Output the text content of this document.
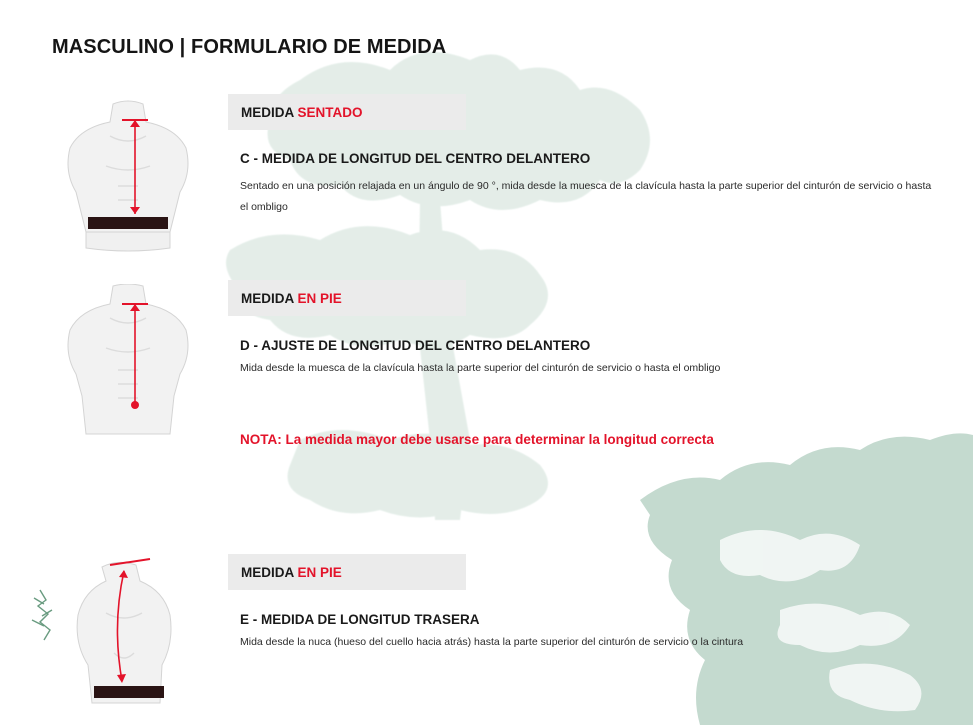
MASCULINO | FORMULARIO DE MEDIDA
MEDIDA SENTADO
C - MEDIDA DE LONGITUD DEL CENTRO DELANTERO

Sentado en una posición relajada en un ángulo de 90 °, mida desde la muesca de la clavícula hasta la parte superior del cinturón de servicio o hasta el ombligo

MEDIDA EN PIE
D - AJUSTE DE LONGITUD DEL CENTRO DELANTERO

Mida desde la muesca de la clavícula hasta la parte superior del cinturón de servicio o hasta el ombligo

NOTA: La medida mayor debe usarse para determinar la longitud correcta

MEDIDA EN PIE
E - MEDIDA DE LONGITUD TRASERA

Mida desde la nuca (hueso del cuello hacia atrás) hasta la parte superior del cinturón de servicio o la cintura
